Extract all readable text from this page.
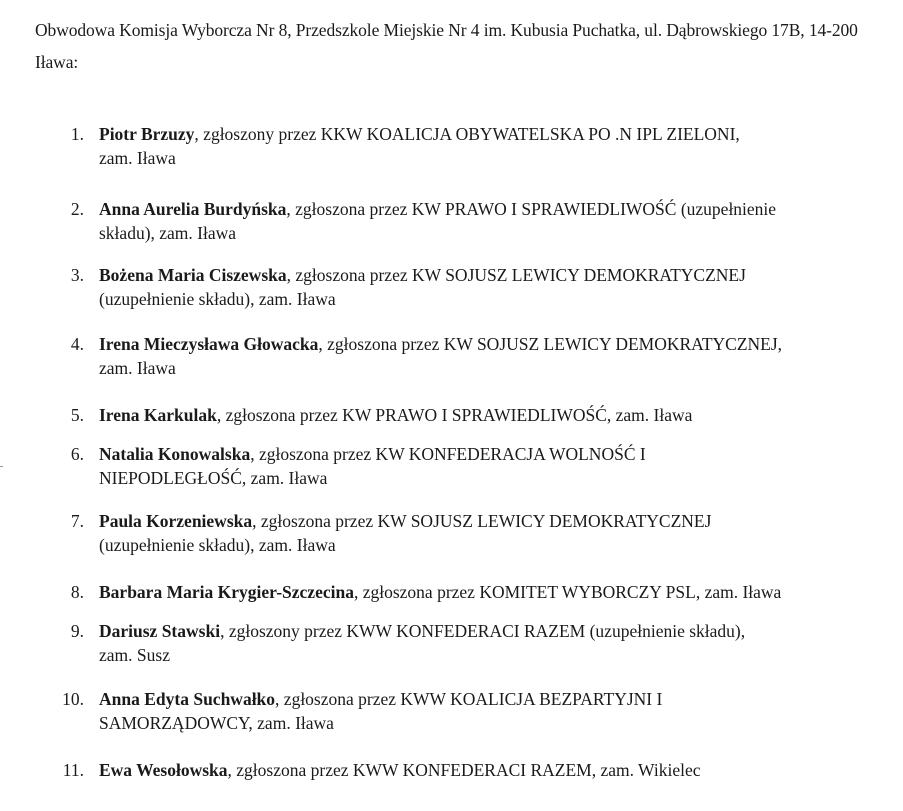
Obwodowa Komisja Wyborcza Nr 8, Przedszkole Miejskie Nr 4 im. Kubusia Puchatka, ul. Dąbrowskiego 17B, 14-200 Iława:
1. Piotr Brzuzy, zgłoszony przez KKW KOALICJA OBYWATELSKA PO .N IPL ZIELONI,
zam. Iława
2. Anna Aurelia Burdyńska, zgłoszona przez KW PRAWO I SPRAWIEDLIWOŚĆ (uzupełnienie
składu), zam. Iława
3. Bożena Maria Ciszewska, zgłoszona przez KW SOJUSZ LEWICY DEMOKRATYCZNEJ
(uzupełnienie składu), zam. Iława
4. Irena Mieczysława Głowacka, zgłoszona przez KW SOJUSZ LEWICY DEMOKRATYCZNEJ,
zam. Iława
5. Irena Karkulak, zgłoszona przez KW PRAWO I SPRAWIEDLIWOŚĆ, zam. Iława
6. Natalia Konowalska, zgłoszona przez KW KONFEDERACJA WOLNOŚĆ I
NIEPODLEGŁOŚĆ, zam. Iława
7. Paula Korzeniewska, zgłoszona przez KW SOJUSZ LEWICY DEMOKRATYCZNEJ
(uzupełnienie składu), zam. Iława
8. Barbara Maria Krygier-Szczecina, zgłoszona przez KOMITET WYBORCZY PSL, zam. Iława
9. Dariusz Stawski, zgłoszony przez KWW KONFEDERACI RAZEM (uzupełnienie składu),
zam. Susz
10. Anna Edyta Suchwałko, zgłoszona przez KWW KOALICJA BEZPARTYJNI I
SAMORZĄDOWCY, zam. Iława
11. Ewa Wesołowska, zgłoszona przez KWW KONFEDERACI RAZEM, zam. Wikielec
